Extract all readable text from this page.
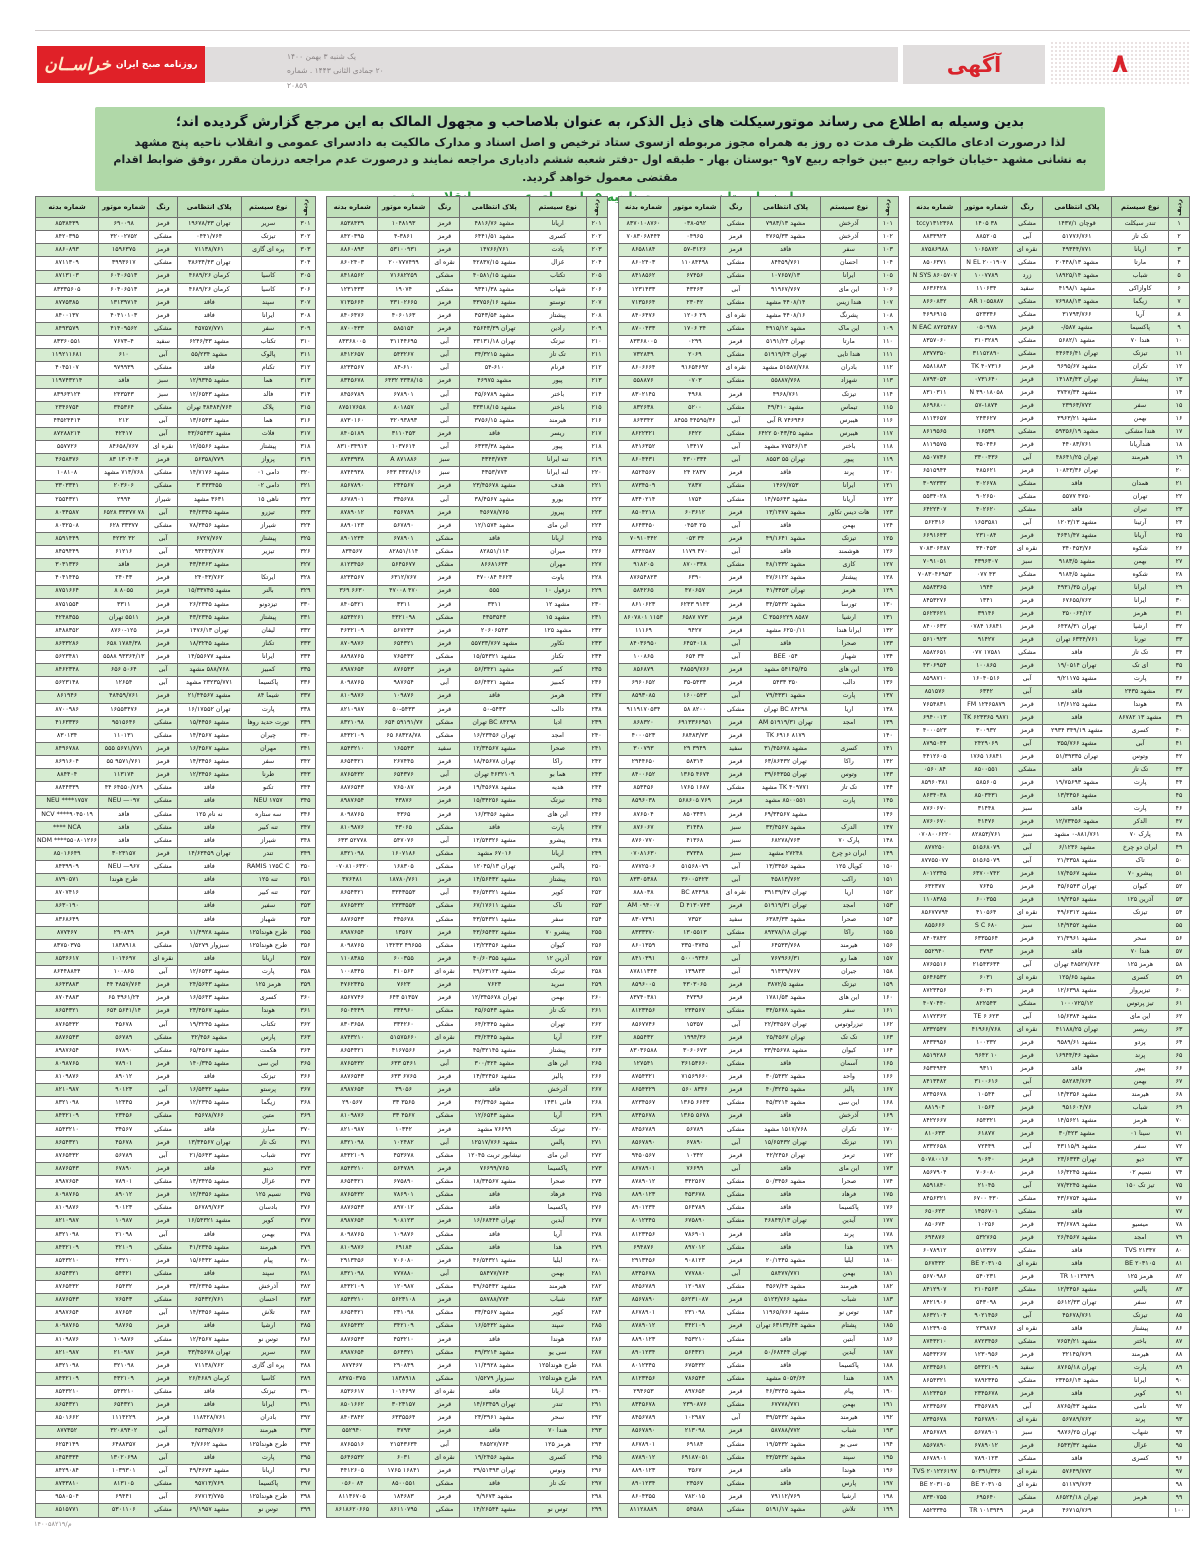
روزنامه صبح ایران
خراســان	یک شنبه ۳ بهمن ۱۴۰۰
۲۰ جمادی الثانی ۱۴۴۳ . شماره ۲۰۸۵۹
آگهی	۸
بدین وسیله به اطلاع می رساند موتورسیکلت های ذیل الذکر، به عنوان بلاصاحب و مجهول المالک به این مرجع گزارش گردیده اند؛
لذا درصورت ادعای مالکیت ظرف مدت ده روز به همراه مجوز مربوطه ازسوی ستاد ترخیص و اصل اسناد و مدارک مالکیت به دادسرای عمومی و انقلاب ناحیه پنج مشهد
به نشانی مشهد -خیابان خواجه ربیع -بین خواجه ربیع ۷و۹ -بوستان بهار - طبقه اول -دفتر شعبه ششم دادیاری مراجعه نمایند و درصورت عدم مراجعه درزمان مقرر ،وفق ضوابط اقدام مقتضی معمول خواهد گردید.
ردیف	نوع سیستم	پلاک انتظامی	رنگ	شماره موتور	شماره بدنه
۱	تندر سیکلت	قوچان ۱۴۳۷/۱	مشکی	۳۸ ۱۴۰۵	tccy۱۳۱۲۳۶۸
۲	تک تاز	۵۱۷۷۶/۷۶۱	آبی	۸۸۵۲۰۵	۸۸۳۳۹۲۴
۳	اریانا	۴۹۳۴۴/۷۷۱	نقره ای	۱۰۶۵۸۷۲	۸۷۵۸۶۹۸۸
۴	مارتا	مشهد ۲۰۴۴۸/۱۳	مشکی	N EL ۲۰۰۱۹۰۷	۸۵۰۶۳۷۱
۵	شباب	مشهد ۱۸۹۲۵/۱۴	زرد	۱۰۰۷۷۸۹	N SYS ۸۶۰۵۷۰۷
۶	کاوازاکی	مشهد ۴۱۹۸/۱	سفید	۱۱۰۶۳۴	۸۶۳۶۴۲۸
۷	زیگما	مشهد ۷۶۹۸۸/۱۳	مشکی	AR ۱۰۵۵۸۸۷	۸۶۶۰۸۳۲
۸	آریا	۳۱۷۹۳/۷۶۶	مشکی	۵۲۳۳۴۶	۴۶۹۶۹۱۵
۹	پاکسیما	مشهد ۵۸۷/-	قرمز	۰۵۰۹۷۸	N EAC ۸۷۲۵۴۸۷
۱۰	هندا ۷۰	مشهد ۵۶۸۲/۱	مشکی	۳۱۰۳۲۸۹	۸۳۵۷۰۶۰
۱۱	تیزتک	تهران ۴۴۶۳۶/۴۱	مشکی	۳۱۱۵۲۸۹۰	۸۳۷۷۳۵۰
۱۲	تکران	مشهد ۹۶۹۵/۶۷	قرمز	TK ۴۰۷۳۱۶	۸۵۸۱۸۸۴
۱۳	پیشتاز	تهران ۱۴۱۸۴/۴۳	قرمز	۰۷۳۱۶۴۰	۸۷۹۳۰۵۴
۱۴		مشهد ۳۷۴۷/۳۴	قرمز	N ۳۹۰۱۸۰۵۸	۸۳۱۰۳۱۱
۱۵	سفر	۲۳۹۶۳/۷۷۲	قرمز	۵۷-۱۸۷۴	۸۶۹۶۸۰۰
۱۶	بهمن	مشهد ۳۹۶۳/۲۱	قرمز	۲۴۳۶۲۷	۸۱۱۳۶۵۷
۱۷	هندا مشکی	مشهد ۵۹۳۵۶/۱۹	مشکی	۱۶۵۳۹	۸۶۱۹۵۶۵
۱۸	هندآریانا	۴۴۰۸۳/۷۶۱	قرمز	۳۵۰۴۴۶	۸۱۱۹۵۷۵
۱۹	هیرمند	تهران ۴۸۶۴۱/۲۵	آبی	۳۳۰۰۳۳۶	۸۵۰۷۷۳۶
۲۰		تهران ۱۰۸۴۳/۳۶	قرمز	۴۸۵۶۲۱	۶۵۱۵۹۴۴
۲۱	همدان	فاقد	مشکی	۳۰۲۶۷۸	۳۰۹۲۳۳۲
۲۲	تهران	۴۷۵۰ ۵۵۷۷	مشکی	۹۰۲۶۵۰	۵۵۳۴۰۲۸
۲۳	تیران	فاقد	مشکی	۴۰۲۶۲۰	۶۴۲۲۴۰۷
۲۴	آرتینا	مشهد ۱۲۰۳/۱۳	آبی	۱۶۵۳۵۸۱	۵۶۲۳۱۶
۲۵	آریانا	مشهد ۴۶۳۱/۴۷	قرمز	۲۳۱۰۸۴	۶۶۹۱۶۴۳
۲۶	شکوه	۳۴۰۴۵۳/۷۶	نقره ای	۳۴۰۴۵۳	۷۰۸۳۰۶۳۸۷
۲۷	بهمن	مشهد ۹۱۸۳/۵	سبز	۴۳۹۶۳۰۷	۷۰۹۱۰۵۱
۲۸	شکوه	مشهد ۹۱۸۴/۵	مشکی	۴۳ ۰۷۷	۷۰۸۳۰۴۶۹۵۳
۲۹	ایرانا	تهران ۴۹۳۱/۳۵	قرمز	۱۹۴۴	۸۵۸۳۳۶۵
۳۰	ایرانا	۶۷۶۵۵/۷۶۲	قرمز	۱۳۴۱	۸۴۵۳۲۷۶
۳۱	هرمز	۳۵۰۰۶۴/۱۲	قرمز	۳۹۱۴۶	۵۶۲۳۶۲۱
۳۲	ارشیا	تهران ۶۴۳۸/۳۱	قرمز	۱۶۸۴۱ ۰۷۸۴	۸۴۰۰۶۳۲
۳۳	تورنا	۶۳۳۴/۷۶۱ تهران	قرمز	۹۱۴۲۷	۵۶۱۰۹۲۳
۳۴	تک تاز	فاقد	مشکی	۱۷۵۸۱ ۰۷۷	۸۵۸۲۶۵۱
۳۵	ای تک	تهران ۱۹/۰۵۱۴	قرمز	۱۰۰۸۶۵	۴۳۰۶۹۵۴
۳۶	پارت	مشهد ۹/۲۱۱۷۵	آبی	۱۶۰۴۰۵۱۶	۸۵۹۸۷۱۰
۳۷	مشهد ۲۴۳۵	فاقد	آبی	۶۳۴۲	۸۵۱۵۷۶
۳۸	هوندا	مشهد ۱۳/۶۱۲۵	قرمز	FM ۱۲۴۶۵۸۷۹	۷۶۵۴۸۳۱
۳۹	مشهد ۱۳ ۸۶۷۸۲	فاقد	قرمز	TK ۶۲۳۳۶۵ ۹۸۷۱	۶۹۴۰۰۱۳
۴۰	کسری	مشهد ۳۴۹/۱۹ ۲۹۳۴	قرمز	۳۰۰۹۳۲	۴۰۰۰۵۲۳
۴۱	آبی	مشهد ۳۵۵/۷۶۶	آبی	۲۴۲۹۰۶۹	۸۷۹۵۰۴۴
۴۲	وتوس	تهران ۵۱/۳۹۳۳۵	قرمز	۱۶۸۴۱ ۱۷۶۵	۴۴۱۲۶۰۵
۴۳	تک تاز	فاقد	مشکی	۸۵۰۰۵۵۱	۸۴ ۰۵۶۰
۴۴	پارت	مشهد ۱۹/۷۵۶۹۳	قرمز	۵۸۵۶۰۵	۸۵۹۶۰۳۸۱
۴۵		مشهد ۱۳/۳۴۵۶	قرمز	۸۵۰۳۴۳۱	۸۶۳۴۰۳۸
۴۶	پارت	فاقد	سبز	۳۱۴۴۸	۸۷۶۰۶۷۰
۴۷	الدکر	مشهد ۱۲/۷۳۴۵۶	قرمز	۴۱۴۷۶	۸۷۶۰۶۷۰
۴۸	پارک ۷۰	۰-۸۸۱/۷۶۱ مشهد	سبز	۸۲۸۵۳/۷۶۱	۰۷۰۸۰۰۶۲۲۰
۴۹	ایران دو چرخ	مشهد ۶/۱۲۳۶	آبی	۵۱۵۶۸۰۷۹	۸۷۷۲۵۰
۵۰	تاک	مشهد ۲۱/۳۳۵۸	آبی	۵۱۵۶۵۰۷۹	۸۷۷۵۵۰۷۷
۵۱	پیشرو ۷۰	مشهد ۱۷/۴۵۶۷	قرمز	۶۳۷۰۰۷۴۲	۸۰۱۲۳۴۵
۵۲	کیوان	تهران ۴۵/۶۵۴۳	قرمز	۷۶۴۵	۶۳۲۳۷۷
۵۳	آذرین ۱۲۵	مشهد ۱۹/۲۴۵۶	قرمز	۶۰۰۳۵۵	۱۱۰۸۳۸۵
۵۴	تیزتک	مشهد ۴۹/۶۳۱۲	نقره ای	۴۱۰۵۶۴	۸۵۶۷۷۷۹۴
۵۵		مشهد ۱۴/۹۴۵۲	سبز	S C ۶۸۰	۸۵۵۶۶۶
۵۶	سحر	مشهد ۲۱/۳۹۶۱	قرمز	۶۳۳۵۵۶۴	۸۴۰۳۸۴۲
۵۷	هندا ۷۰	فاقد	قرمز	۳۷۹۳	۵۵۲۹۴۰
۵۸	هرمز ۱۲۵	۴۸۵۲۷/۷۶۴ تهران	آبی	۲۱۵۴۳۶۳۴	۸۷۶۵۵۱۶
۵۹	کسری	مشهد ۱۲۵/۶۵	نقره ای	۶۰۳۱	۵۶۴۶۵۳۲
۶۰	تیزپرواز	مشهد ۱۲/۶۳۹۸	قرمز	۶۰۳۱	۸۷۲۳۴۵۶
۶۱	تیز پرتوس	۱۰۰۰۷۲۵/۱۲	مشکی	۸۲۲۵۴۳	۴۰۷۰۴۴۰
۶۲	این مای	مشهد ۱۵/۶۳۸۴	آبی	TE ۶ ۶۲۳	۸۱۷۲۳۶۲
۶۳	ریسر	تهران ۴۱۱۸۸/۲۵	نقره ای	۴۱۹۶۶/۷۶۸	۸۳۳۲۵۴۷
۶۴	پردو	مشهد ۹۵۸۹/۶۱	قرمز	۱۰۰۳۳۲	۸۴۳۳۹۵۶
۶۵	پرند	مشهد ۱۶۹۴۴/۴۶	قرمز	۱۰ ۹۶۴۲	۸۵۱۹۲۸۶
۶۶	پیور	فاقد	قرمز	۹۳۱۱	۶۵۳۴۹۴۴
۶۷	بهمن	۵۸۲۸۴/۷۶۴	آبی	۳۱۰۰۶۱۶	۸۴۱۳۴۸۲
۶۸	هیرمند	مشهد ۱۴/۴۳۵۶	آبی	۱۰۵۴۴	۸۳۴۵۶۷۸
۶۹	شباب	۹۵۱۶۰۴/۷۶	قرمز	۱۰۵۶۴	۸۸۱۹۰۴
۷۰	هرمز	مشهد ۱۴/۵۶۲۱	قرمز	۶۵۴۳۲۱	۸۴۲۲۶۶۷
۷۱	سینا ۰۱	مشهد ۳۰/۴۲۳	قرمز	۶۱۸۷۷	۸۱۰۶۳۳
۷۲	سفر	مشهد ۴۳۱۱۵/۹	آبی	۷۲۴۴۹	۸۳۳۲۶۵۸
۷۳	دیو	تهران ۲۳/۶۳۳۴	قرمز	۹۰۶۴۰	۵۰۷۸۰۰۱۶
۷۴	نسیم ۰۲	مشهد ۱۶/۳۲۴۵	قرمز	۷۰۶۰۸۰	۸۵۶۷۹۰۴
۷۵	تیز تک ۱۵۰	مشهد ۷۷/۳۲۴۵	آبی	۲۱۰۴۵	۸۵۹۱۸۴۰
۷۶		مشهد ۴۳/۶۷۵۴	مشکی	۴۳۰ ۶۷۰۰	۸۴۵۶۳۲۱
۷۷		فاقد	مشکی	۱۴۵۶۷۰۱	۶۵۰۶۲۳
۷۸	میسیو	مشهد ۳۴/۶۷۸۹	قرمز	۱۰۲۵۶	۸۵۰۶۷۴
۷۹	امجد	مشهد ۲۶/۴۵۶۷	قرمز	۵۳۲۷۶۵	۶۹۴۸۷۶
۸۰	TVS ۲۱۳۴۷	فاقد	مشکی	۵۱۲۳۶۷	۶۰۷۸۹۱۲
۸۱	BE ۲۰۳۱۰۵	فاقد	نقره ای	BE ۲۰۳۱۰۵	۵۶۷۴۳۲
۸۲	هرمز ۱۲۵	TR ۱۰۱۳۹۴۹	قرمز	۵۴۰۲۳۱	۵۶۷۰۹۸۶
۸۳	پالس	مشهد ۱۲/۳۴۵۶	مشکی	۲۱۰۴۵۶۳	۸۴۱۲۹۰۷
۸۴	سفر	تهران ۵۶۱۲/۳۳	قرمز	۵۴۳۰۹۸	۸۴۲۱۹۰۶
۸۵	تیزتک	۴۵۶۷۸/۷۶۱	آبی	۹۰۲۱۴۵۶	۸۶۳۲۱۰۴
۸۶	پیشتاز	فاقد	نقره ای	۲۳۹۸۷۶	۸۱۲۳۹۰۵
۸۷	باختر	مشهد ۷۶۵۴/۲۱	مشکی	۸۷۲۳۴۵۶	۸۷۴۳۲۱۰
۸۸	هیرمند	۳۲۱۴۵/۷۶۹	قرمز	۱۲۳۰۹۵۶	۸۵۴۳۲۶۷
۸۹	پارت	تهران ۸۷۶۵/۱۸	سفید	۵۴۳۲۱۰۹	۸۲۳۴۵۶۱
۹۰	ایرانا	مشهد ۲۳۴۵۶/۱۴	مشکی	۷۸۹۲۳۴۵	۸۶۵۴۳۲۱
۹۱	کویر	فاقد	قرمز	۲۳۴۵۶۷۸	۸۱۲۳۴۵۶
۹۲	نامی	مشهد ۸۷۶۵/۴۳	آبی	۳۴۵۶۷۸۹	۸۲۳۴۵۶۷
۹۳	پرند	۵۶۷۸۹/۷۶۲	نقره ای	۴۵۶۷۸۹۰	۸۳۴۵۶۷۸
۹۴	شهاب	تهران ۹۸۷۶/۲۵	سبز	۵۶۷۸۹۰۱	۸۴۵۶۷۸۹
۹۵	غزال	مشهد ۶۵۴۳/۳۲	قرمز	۶۷۸۹۰۱۲	۸۵۶۷۸۹۰
۹۶	کسری	فاقد	مشکی	۷۸۹۰۱۲۳	۸۶۷۸۹۰۱
۹۷		۵۷۶۴۹/۷۷۲	نقره ای	۵۰۳۹۱/۳۳۶	TVS ۲۰۱۲۲۶۱۹۷
۹۸		۵۱۱۷۹/۷۶۴	نقره ای	BE ۲۰۳۱۰۵	BE ۲۰۳۱۰۵
۹۹	هرمز	تهران ۸۶۵۲۴/۱۸	مشکی	۶۹۵۶۴۰	۸۳۳۰۷۵۵
۱۰۰		۴۶۷۱۵/۷۶۹	قرمز	TR ۱۰۱۳۹۴۹	۸۵۲۳۳۴۵
ردیف	نوع سیستم	پلاک انتظامی	رنگ	شماره موتور	شماره بدنه
۱۰۱	آذرخش	مشهد ۷۹۸۳/۱۳	مشکی	۰۳۸-۵۹۲	۸۳۷۰۱۰۸۷۶۰
۱۰۲	آذرخش	مشهد ۴۷۶۵/۳۳	قرمز	۰۴۹۶۵	۷۰۸۳۰۶۸۴۴۴
۱۰۳	سفر	فاقد	قرمز	۵۷-۳۱۲۶	۸۶۵۸۱۸۴
۱۰۴	احسان	۸۴۴۵۹/۷۶۱	مشکی	۱۱۰۸۴۴۹۸	۸۶۰۲۴۰۳
۱۰۵	ایرانا	۱۰۷۶۵۷/۱۳	مشکی	۶۷۴۵۶	۸۴۱۸۵۶۲
۱۰۶	این مای	۹۱۹۶۷/۷۶۷	آبی	۴۳۴۶۳	۱۲۳۱۴۳۳
۱۰۷	هندا زیس	۴۴۰۸/۱۴ مشهد	مشکی	۲۳۰۴۲	۷۱۳۵۶۶۴
۱۰۸	پشرنگ	۴۴۰۸/۱۶ مشهد	نقره ای	۲۹ ۱۲۰۶	۸۴۰۶۴۷۶
۱۰۹	این ماک	مشهد ۴۹۱۵/۱۲	مشکی	۳۴ ۱۷۰۶	۸۷۰۰۴۳۳
۱۱۰	مارتا	تهران ۵۱۹۱/۲۴	قرمز	۰۲۹۹	۸۳۳۶۸۰۰۵
۱۱۱	هندا تایی	تهران ۵۱۹۱۹/۲۴	مشکی	۲۰۶۹	۷۳۲۸۳۹
۱۱۲	بادران	۵۱۵۸۷/۷۶۸ مشهد	نقره ای	۹۱۶۵۴۶۹۲	۸۶۰۶۶۶۴
۱۱۳	شهزاد	۵۵۸۸۷/۷۶۸	مشکی	۰۷۰۳	۵۵۸۸۷۶
۱۱۴	تیزتک	۴۹۶۸/۷۶۱	قرمز	۴۹۶۸	۸۳۰۲۱۴۵
۱۱۵	تیماس	مشهد ۴۹/۴۱۰	مشکی	۵۲۰۰	۸۳۲۶۳۸
۱۱۶	هیبرس	R ۷۴۶۹۴۶ آبی	آبی	۴۴۵۹۵/۳۶ ۸۴۵۵	۸۶۳۳۴۲
۱۱۷	هیبرس	مشهد ۵۰۴۳/۴۵ ۶۴۲۲	مشکی	۶۴۲۲	۸۶۲۲۳۲۱
۱۱۸	باختر	۷۷۵۴۶/۱۳ مشهد	آبی	۱۳۴۱۷	۸۴۱۶۳۵۲
۱۱۹	پیور	تهران ۵۵ ۸۵۵۳	آبی	۴۳۰۰۳۳۴	۸۶۰۴۴۳۱
۱۲۰	پرند	فاقد	قرمز	۲۸۳۷ ۲۴	۸۵۲۴۵۶۷
۱۲۱	ایرانا	۱۴۶۷/۷۵۳	مشکی	۲۸۳۷	۸۷۳۴۵۰۹
۱۲۲	آریانا	مشهد ۱۴/۷۵۶۴۳	مشکی	۱۷۵۴	۸۳۴۰۲۱۴
۱۲۳	هات دیس تکاور	مشهد ۱۳/۱۴۷۷	قرمز	۶۰۳۶۱۲	۸۵۰۴۲۱۸
۱۲۴	بهمن	فاقد	آبی	۲۵ ۰۴۵۳	۸۶۴۳۴۵۰
۱۲۵	تیزتک	مشهد ۴۹/۱۶۴۱	قرمز	۳۴ ۰۵۳	۷۰۹۱۰۳۴۲
۱۲۶	هوشمند	فاقد	آبی	۴۷۰ ۱۱۷۹	۸۳۴۲۵۸۷
۱۲۷	کازی	مشهد ۴۸/۱۳۳۲	مشکی	۸۷۰۰۳۳۸	۹۱۸۲۰۵
۱۲۸	پیشتاز	مشهد ۴۷/۶۱۲۲	قرمز	۶۳۹۰	۸۷۶۵۴۸۲۳
۱۲۹	هرمز	تهران ۴۱/۳۴۵۳	قرمز	۴۷۰۶۵۷	۵۸۴۲۶۵
۱۳۰	تورسا	مشهد ۳۴/۵۴۳۲	قرمز	۹۱۴۳ ۶۲۳۳	۸۶۱۰۶۲۳
۱۳۱	ارشیا	C ۳۵۵۶۲۲۹ ۸۵۸۷	قرمز	۷۷۳ ۶۵۸۷	۱۱۵۳ ۸۶۰۷۸۰۱
۱۳۲	ایرانا هندا	۶۲۵۰/۱۱ مشهد	قرمز	۹۴۲۷	۱۱۱۶۹
۱۳۳	صحرا	فاقد	آبی	۶۴۵۴۰۱۸	۸۴۰۳۶۹۵۰
۱۳۴	شهباز	BEE ۰۵۴	آبی	۳۴ ۶۵۴	۱۰۰۸۶۵
۱۳۵	این های	۵۴۱۴۵/۴۵ مشهد	قرمز	۴۸۵۵۹/۷۶۶	۸۵۶۸۷۹
۱۳۶	دالب	۳۵۰ ۵۴۳۳	قرمز	۳۵-۵۴۳۳	۶۹۶۰۶۵۲
۱۳۷	پارت	مشهد ۷۹/۴۳۳۱	آبی	۱۶۰۰۵۴۳	۸۵۹۳۰۸۵
۱۳۸	اریا	BC ۸۴۲۹۸ تهران	مشکی	۸۲۰۰ ۵۸	۹۱۱۹۱۷۰۵۳۴
۱۳۹	امجد	تهران ۵۱۹۱۹/۳۱ AM	قرمز	۶۹۱۳۳۶۶۹۵۱	۸۶۸۳۲۰
۱۴۰		TK ۶۹۱۶ ۸۱۷۹	قرمز	۶۸۴۸۳/۷۳	۴۰۰۰۵۲۳
۱۴۱	کسری	مشهد ۳۱/۴۵۶۷۸	سفید	۳۹۴۹ ۲۹	۳۰۰۷۹۳
۱۴۲	راکا	تهران ۶۳/۸۶۴۳۲	قرمز	۵۸۳۱۴	۲۹۴۴۶۵۰
۱۴۳	وتوس	تهران ۳۹/۶۴۳۵۵	قرمز	۴۶۷۴ ۱۳۶۵	۸۴۰۰۶۵۲
۱۴۴	تک تاز	TK ۴۰۹۷۷۱ مشهد	مشکی	۱۶۸۷ ۱۷۶۵	۸۵۳۴۵۶
۱۴۵	پارت	۸۵۰۰۵۵۱ مشهد	قرمز	۷۶۹ ۵۶۸۶۰۵	۸۵۹۶۰۳۸
۱۴۶		مشهد ۶۹/۳۴۵۶۷	قرمز	۸۵۰۳۴۳۱	۸۷۶۵۰۴
۱۴۷	الدرک	مشهد ۳۳/۴۵۶۷	سبز	۳۱۴۴۸	۸۷۶۰۶۷
۱۴۸	پارک ۷۰	۶۸۲۷۸/۷۶۳	سبز	۴۱۳۶۸	۸۷۶۰۷۷۰
۱۴۹	ایران دو چرخ	۲۷۲۴۸ مشهد	سبز	۳۷۳۴۸	۰۷۰۸۱۶۳۰
۱۵۰	کوپال ۱۲۵	مشهد ۱۳/۳۴۵۶	آبی	۵۱۵۶۸۰۷۹	۸۷۷۲۵۰۶
۱۵۱	راکب	۴۵۸۱۳/۷۶۲	آبی	۳۶۰۰۵۴۲۳	۸۳۳۰۵۳۸۸
۱۵۲	اریا	تهران ۳۹۱۳۹/۴۷	نقره ای	BC ۸۴۴۹۸	۸۸۸۰۳۸
۱۵۳	امجد	تهران ۵۱۹۱۹/۳۱	قرمز	D ۴۱۳۰۷۴۳	AM ۰۹۴۰۰۷
۱۵۴	صحرا	مشهد ۶۳۸۳/۳۳	سفید	۷۳۵۲	۸۳۰۷۳۹۱
۱۵۵	راکا	تهران ۸۹۳۷۸/۱۸	مشکی	۱۳۰۵۵۱۳	۸۳۳۳۳۷۰
۱۵۶	هیرمند	۶۴۵۳۳/۷۶۸	آبی	۳۳۵۰۳۷۴۵	۸۶۰۱۳۵۹
۱۵۷	هما رو	۷۶۷۹۶۶/۳۱	آبی	۵۰۰۰۹۳۴۶	۸۴۱۰۳۹۱
۱۵۸	جیران	۹۱۴۳۹/۷۶۷	آبی	۱۳۹۸۳۳	۸۷۸۱۱۳۴۴
۱۵۹	تیزتک	مشهد ۳۸۷۲/۵	قرمز	۴۳۰۳۰۶۵	۸۵۹۶۰۰۵
۱۶۰	این های	مشهد ۱۷۸۱/۵۳	قرمز	۴۷۳۹۶	۸۳۷۴۰۳۸۱
۱۶۱	سفر	مشهد ۳۴/۵۶۷۸	مشکی	۲۳۴۵۶۷	۸۱۲۳۴۵۶
۱۶۲	تیزرلوتوس	تهران ۲۲/۳۴۵۶۷	آبی	۱۵۳۵۷	۸۵۶۷۷۴۶
۱۶۳	تک تک	تهران ۲۵/۴۵۶۷	قرمز	۱۹۹۴/۳۶	۸۵۵۴۳۲
۱۶۴	کیوان	مشهد ۳۳/۴۵۶۷۸	قرمز	۳۰۶۰۶۷۳	۸۳۰۳۶۵۸۸
۱۶۵	آسمان	فاقد	مشکی	۳۶۱۵۳۶۶۰	۱۲۷۵۴۱
۱۶۶	واحد	مشهد ۳۰/۵۴۳۲	قرمز	۷۱۵۶۹۶۶۰	۸۷۵۴۳۲۱
۱۶۷	پالیز	مشهد ۴۰/۳۲۴۵	قرمز	۸۳۴۶ ۵۶۰	۸۶۵۴۳۲۹
۱۶۸	این سی	مشهد ۴۵/۳۲۱۴	مشکی	۶۶۴۳ ۱۳۶۵	۸۲۳۴۵۶۷
۱۶۹	آذرخش	فاقد	قرمز	۵۶۷۸ ۱۳۶۵	۸۳۴۵۶۷۸
۱۷۰	تکران	۱۵۱۷/۷۶۸ مشهد	مشکی	۵۶۷۸۹	۸۴۵۶۷۸۹
۱۷۱	تیزتک	تهران ۱۵/۶۵۴۳۲	آبی	۶۷۸۹۰	۸۵۶۷۸۹۰
۱۷۲	ترمز	تهران ۴۲/۲۴۵۶	قرمز	۱۰۳۴۲	۹۴۵۰۵۶۷
۱۷۳	این مای	فاقد	آبی	۷۶۶۹۹	۸۶۷۸۹۰۱
۱۷۴	صحرا	مشهد ۵۰/۳۴۵۶	مشکی	۳۴۲۵۶۷	۸۷۸۹۰۱۲
۱۷۵	فرهاد	فاقد	مشکی	۴۵۳۶۷۸	۸۸۹۰۱۲۳
۱۷۶	پاکسیما	فاقد	مشکی	۵۶۴۷۸۹	۸۹۰۱۲۳۴
۱۷۷	آیدین	تهران ۴۶۸۴۴/۱۳	مشکی	۶۷۵۸۹۰	۸۰۱۲۳۴۵
۱۷۸	پرند	فاقد	قرمز	۷۸۶۹۰۱	۸۱۲۳۴۵۶
۱۷۹	هدا	فاقد	مشکی	۸۹۷۰۱۲	۶۹۴۸۷۶
۱۸۰	ایلیا	مشهد ۲۰/۱۳۴۵	قرمز	۹۰۸۱۲۳	۲۹۱۳۴۵۶
۱۸۱	بهمن	۵۸۴۷۷/۷۷۱	آبی	۷۷۷۸۸۰	۸۳۴۵۶۷۸
۱۸۲	هیرمند	مشهد ۳۵۶۷/۲۴	مشکی	۱۲۰۹۸۷	۸۴۵۶۷۸۹
۱۸۳	شباب	مشهد ۵۱۲۳/۷۶۶	قرمز	۵۶۲۳۱۰۸۷	۸۵۶۷۸۹۰
۱۸۴	توس نو	مشهد ۱۱۹۶۵/۷۶۶	مشکی	۲۳۱۰۹۸	۸۶۷۸۹۰۱
۱۸۵	پشتام	مشهد ۶۳۱۳۴/۴۴ تهران	قرمز	۳۴۲۱۰۹	۸۷۸۹۰۱۲
۱۸۶	آبتین	فاقد	مشکی	۴۵۳۲۱۰	۸۸۹۰۱۲۳
۱۸۷	آیدین	تهران ۵۰/۶۸۴۴۴	قرمز	۵۶۴۳۲۱	۸۹۰۱۲۳۴
۱۸۸	پاکسیما	فاقد	مشکی	۶۷۵۴۳۲	۸۰۱۲۳۴۵
۱۸۹	هندا	۵۰۵۴/۶۴ مشهد	مشکی	۷۸۶۵۴۳	۸۱۲۳۴۵۶
۱۹۰	پیام	مشهد ۴۶/۳۲۴۵	قرمز	۸۹۷۶۵۴	۲۹۴۶۵۳
۱۹۱	بهمن	۶۷۷۷۸/۷۷۱	مشکی	۲۳۹۰۸۷۶	۸۳۴۵۶۷۸
۱۹۲	هیرمند	مشهد ۳۹/۵۴۳۲	آبی	۱۰۲۹۸۷	۸۴۵۶۷۸۹
۱۹۳	شباب	۵۸۷۸۸/۷۷۲	قرمز	۲۱۳۰۹۸	۸۵۶۷۸۹۰
۱۹۴	سی یو	مشهد ۱۹/۵۴۳۲	مشکی	۶۹۱۸۴	۸۶۷۸۹۰۱
۱۹۵	سپند	مشهد ۴۳/۵۴۳۲	مشکی	۶۹۱۸۷۰۵۱	۸۷۸۹۰۱۲
۱۹۶	هوندا	فاقد	قرمز	۳۵۶۷	۸۸۹۰۱۲۳
۱۹۷	پارس	فاقد	مشکی	۲۳۵۶۷	۸۹۰۱۲۳۴
۱۹۸	ارشیا	۷۹۱۱۲/۷۶۹	قرمز	۷۸۲۰۱۵	۸۶۰۴۳۵۵
۱۹۹	تلاش	مشهد ۵۱۹۱/۱۷	مشکی	۵۴۵۸۸	۸۱۱۲۸۸۸۹
ردیف	نوع سیستم	پلاک انتظامی	رنگ	شماره موتور	شماره بدنه
۲۰۱	اریانا	مشهد ۴۸۱۶/۷۶	قرمز	۱۰۴۸۱۹۳	۸۵۳۸۴۳۹
۲۰۲	کسری	مشهد ۶۴۴۱/۵۱	قرمز	۴-۳۸۶۱	۸۴۲۰۳۹۵
۲۰۳	پادت	۱۴۷۶۶/۷۶۱	قرمز	۵۳۱۰۰۹۳۱	۸۸۶۰۸۹۳
۲۰۴	غزال	مشهد ۴۲۸۳۷/۱۵	نقره ای	۲۰۰۷۷۷۴۹۹	۸۶۰۲۴۰۳
۲۰۵	تکتاب	مشهد ۴۰۵۸۱/۱۵	مشکی	۷۱۶۸۲۲۵۹	۸۴۱۸۵۶۲
۲۰۶	شهاب	مشهد ۹۳۴۱/۳۸	مشکی	۱۹۰۷۴	۱۲۳۱۴۳۳
۲۰۷	توستو	مشهد ۳۳۷۵۶/۱۶	قرمز	۳۳۱۰۲۶۶۵	۷۱۳۵۶۶۴
۲۰۸	پیشتاز	مشهد ۴۵۴۳/۵۴	قرمز	۴۰۶۰۱۶۳	۸۴۰۶۴۷۶
۲۰۹	رادین	تهران ۴۵۶۴۳/۳۹	قرمز	۵۸۵۱۵۴	۸۷۰۰۴۳۳
۲۱۰	تیزتک	تهران ۳۳۱۳۱/۱۸	آبی	۳۱۱۴۴۶۹۵	۸۳۳۶۸۰۰۵
۲۱۱	تک تاز	مشهد ۳۴/۳۲۱۵	آبی	۵۴۳۲۶۷	۸۴۱۲۶۵۷
۲۱۲	فرنام	۵۴-۶۱۰	آبی	۸۴-۶۱۰	۸۲۳۴۵۶۷
۲۱۳	پیور	مشهد ۴۶۹۷۵	قرمز	۳۳۳۸/۱۵ ۶۴۳۲	۸۳۴۵۶۷۸
۲۱۴	باختر	مشهد ۴۵/۶۷۸۹	آبی	۶۷۸۹۰۱	۸۴۵۶۷۸۹
۲۱۵	باختر	مشهد ۳۳۳۱۸/۱۵	آبی	۸۰۱۸۵۷	۸۷۵۱۷۶۵۸
۲۱۶	هیرمند	مشهد ۳۷۵۶/۱۵	آبی	۳۲۰۹۳۸۹۳	۸۷۳۰۱۶۰
۲۱۷	ریسر	فاقد	قرمز	۳۱۱۰۴۵۳	۸۴۰۵۱۸۹
۲۱۸	پیور	مشهد ۶۳۳۳/۳۸	آبی	۱۰۳۷۶۱۴	۸۳۱۰۳۴۹۱۴
۲۱۹	تنه ایرانا	۴۳۴۳/۷۷۳	سبز	A ۸۷۱۸۸۶	۸۷۴۳۹۳۸
۲۲۰	لنه ایرانا	۴۳۵۳/۷۷۳	سبز	۴۳۲۸/۱۶ ۶۴۳	۸۷۴۴۹۳۸
۲۲۱	هدف	مشهد ۲۳/۴۵۶۷۸	قرمز	۲۳۴۵۶۷	۸۵۶۷۸۹۰
۲۲۲	یورو	مشهد ۳۸/۴۵۶۷	آبی	۳۴۵۶۷۸	۸۶۷۸۹۰۱
۲۲۳	پیروز	۴۵۶۷۸/۷۶۵	قرمز	۴۵۶۷۸۹	۸۷۸۹۰۱۲
۲۲۴	این مای	مشهد ۱۲/۱۵۷۴	قرمز	۵۶۷۸۹۰	۸۸۹۰۱۲۳
۲۲۵	اریانا	فاقد	مشکی	۶۷۸۹۰۱	۸۹۰۱۲۳۴
۲۲۶	میران	۸۲۸۵۱/۱۱۴	مشکی	۸۲۸۵۱/۱۱۴	۸۳۴۵۶۷
۲۲۷	مهران	۸۶۶۸۱۶۳۴	مشکی	۵۶۴۵۶۷۷	۸۱۲۳۴۵۶
۲۲۸	یاوت	۴۶۲۳ ۴۷۰۰۸۴	قرمز	۶۳۱۲/۷۶۷	۸۲۳۴۵۶۷
۲۲۹	دزفول ۱۰	۵۵۵	قرمز	۴۷۰ ۴۷۰۰۸	۶۶۳۰ ۳۶۹
۲۳۰	مشهد ۱۲	۳۳۱۱	قرمز	۳۳۱۱	۸۴۰۵۳۲۱
۲۳۱	مشهد ۱۵	۴۳۵۳۵۴۳	مشکی	۴۳۲۱۰۹۸	۸۵۳۴۲۶۱
۲۳۲	مشهد ۱۲۵	۲۰۶۰۶۵۴۳	قرمز	۵۶۷۲۳۴	۴۶۳۲۱۰۹
۲۳۳	تکاور	مشهد ۵۵۷۳۳/۷۶۷	قرمز	۶۵۴۳۲۱	۸۷۰۹۸۷۶
۲۳۴	تکتاز	مشهد ۱۵/۵۴۳۲۱	مشکی	۷۶۵۴۳۲	۸۸۹۸۷۶۵
۲۳۵	کبیر	مشهد ۵۶/۳۴۲۱	قرمز	۸۷۶۵۴۳	۸۹۸۷۶۵۴
۲۳۶	کمبیز	مشهد ۵۶/۴۳۲۱	آبی	۹۸۷۶۵۴	۸۰۹۸۷۶۵
۲۳۷	هرمز	فاقد	قرمز	۱۰۹۸۷۶	۸۱۰۹۸۷۶
۲۳۸	دالب	۵۰-۵۴۳۳	قرمز	۵۰-۵۴۳۳	۸۲۱۰۹۸۷
۲۳۹	ادیا	BC ۸۴۲۹۸ تهران	مشکی	۵۹۱۹۱/۷۷ ۶۵۴	۸۳۲۱۰۹۸
۲۴۰	امجد	تهران ۱۶/۲۳۴۵۶	مشکی	۶۸۳۲۸/۷۸ ۶۵	۸۴۳۲۱۰۹
۲۴۱	صحرا	مشهد ۱۲/۳۴۵۶۷	سفید	۱۶۵۵۴۳	۸۵۴۳۲۱۰
۲۴۲	راکا	تهران ۱۸/۴۵۶۷۸	قرمز	۲۶۷۴۴۵	۸۶۵۴۳۲۱
۲۴۳	هما بو	۴۶۳۲۱۰۹ تهران	آبی	۶۵۴۳۷۶	۸۷۶۵۴۳۲
۲۴۴	هدیه	مشهد ۱۹/۴۵۶۷۸	قرمز	۷۶۵۰۸۷	۸۸۷۶۵۴۳
۲۴۵	تیزتک	مشهد ۱۵/۳۴۲۵۶	قرمز	۴۳۸۷۶	۸۹۸۷۶۵۴
۲۴۶	این های	مشهد ۱۶/۳۴۵۶	قرمز	۴۳۶۵	۸۰۹۸۷۶۵
۲۴۷	پارت	فاقد	مشکی	۴۳۰۶۵	۸۱۰۹۸۷۶
۲۴۸	پیشرو	مشهد ۱۲/۵۴۳۲۶	آبی	۵۴۷۰۷۶	۵۲۷۷۸ ۶۳۳
۲۴۹	اریانا	۶۷۰۱۶ مشهد	مشکی	۱۶۰۷۱۸۶	۸۳۲۱۰۹۸
۲۵۰	پالس	تهران ۱۲۰۴۵/۱۳	مشکی	۱۶۸۳۰۵	۰۷۰۸۱۰۶۳۲۰
۲۵۱	پیشتاز	مشهد ۱۴/۵۶۴۳۲	قرمز	۱۸۷۸۰/۷۶۱	۳۷۶۴۸۱
۲۵۲	کویر	مشهد ۳۶/۵۴۳۲۱	آبی	۳۳۴۳۵۵۳	۸۶۵۴۳۲۱
۲۵۳	ناک	مشهد ۶۷/۱۷۶۱۱	مشکی	۲۳۳۳۵۵۳	۸۷۶۵۴۳۲
۲۵۴	سفر	مشهد ۴۳/۵۴۳۲۱	مشکی	۴۴۵۶۷۸	۸۸۷۶۵۴۳
۲۵۵	پیشرو ۷۰	مشهد ۴۳/۶۵۴۳۲	قرمز	۱۳۵۶۷	۸۹۸۷۶۵۴
۲۵۶	کیوان	مشهد ۱۳/۲۳۴۵۶	مشکی	۴۹۶۵۵ ۱۳۲۳۳	۸۰۹۸۷۶۵
۲۵۷	آذرین ۱۲	مشهد ۴۰/۶۰۳۵۵	قرمز	۶۰۰۳۵۵	۱۱۰۸۳۸۵
۲۵۸	تیزتک	مشهد ۴۹/۶۳۱۲۴	نقره ای	۴۱۰۵۶۴	۱۰۰۸۳۴۵
۲۵۹	سرید	۷۶۲۳	قرمز	۷۶۲۳	۴۷۶۲۳۴۵
۲۶۰	بهمن	تهران ۱۲/۳۴۵۶۷۸	قرمز	۵۱۳۵۷ ۶۴۳	۸۵۶۷۷۴۶
۲۶۱	تک تاز	مشهد ۴۵/۶۵۴۳	مشکی	۳۳۴۹۶۰	۶۵۰۴۴۴۹
۲۶۲	تهران	مشهد ۶۴/۲۳۴۵	مشکی	۳۳۴۲۶۰	۸۳۰۳۶۵۸
۲۶۳	آریا	مشهد ۳۴/۲۳۴۵	نقره ای	۵۱۵۷۵۶۶۰	۸۷۴۳۲۱۰
۲۶۴	پیشتاز	مشهد ۴۵/۳۲۱۴۵	قرمز	۴۱۶۷۵۶۶	۸۶۵۴۳۲۱
۲۶۵	این های	مشهد ۳۰۰/۳۲۴	آبی	۵۴۶۱ ۶۳۳	۸۷۶۵۴۳۲
۲۶۶	پالیز	مشهد ۱۴/۳۲۴۵۶	قرمز	۶۷۶۵ ۶۳۳	۸۸۷۶۵۴۳
۲۶۷	آذرخش	فاقد	قرمز	۳۹۰۵۶	۸۹۸۷۶۵۴
۲۶۸	فانی ۱۴۳۱	مشهد ۴۲/۳۴۵۶	قرمز	۳۵۶۵ ۳۳	۲۹۰۵۶۷
۲۶۹	آریا	مشهد ۱۲/۶۵۴۳	مشکی	۴۵۶۷ ۳۳	۸۱۰۹۸۷۶
۲۷۰	تیزتک	۷۶۶۹۹ مشهد	قرمز	۱۰۳۴۲	۸۲۱۰۹۸۷
۲۷۱	پالس	مشهد ۱۲۵۱۷/۷۶۶	آبی	۱۰۲۴۸۲	۸۳۲۱۰۹۸
۲۷۲	این مای	نیشابور تربت ۱۲۰۴۵	مشکی	۴۵۳۶۷۸	۸۴۳۲۱۰۹
۲۷۳	پاکسیما	۷۶۶۹۹/۷۶۵	قرمز	۵۶۴۷۸۹	۸۵۴۳۲۱۰
۲۷۴	صحرا	مشهد ۱۸/۳۴۵۶۷	مشکی	۶۷۵۸۹۰	۸۶۵۴۳۲۱
۲۷۵	فرهاد	فاقد	مشکی	۷۸۶۹۰۱	۸۷۶۵۴۳۲
۲۷۶	پاکسیما	فاقد	مشکی	۸۹۷۰۱۲	۸۸۷۶۵۴۳
۲۷۷	آیدین	تهران ۱۶/۶۸۴۴۴	قرمز	۹۰۸۱۲۳	۸۹۸۷۶۵۴
۲۷۸	آریا	فاقد	مشکی	۱۰۹۸۷۶	۸۰۹۸۷۶۵
۲۷۹	هدا	فاقد	مشکی	۶۹۱۸۴	۸۱۰۹۸۷۶
۲۸۰	ایلیا	مشهد ۴۶/۵۴۳۲۱	قرمز	۷۰۶۰۸۰	۲۹۱۳۴۵۶
۲۸۱	بهمن	۵۸۴۷۷/۷۶۴	آبی	۷۷۷۸۸۰	۸۳۲۱۰۹۸
۲۸۲	هیرمند	مشهد ۳۹/۶۵۴۳۲	مشکی	۱۲۰۹۸۷	۸۴۳۲۱۰۹
۲۸۳	شباب	۵۸۷۸۸/۷۷۴	قرمز	۵۶۲۳۱۰۸	۸۵۴۳۲۱۰
۲۸۴	کویر	مشهد ۳۳/۴۵۶۷	مشکی	۲۳۱۰۹۸	۸۶۵۴۳۲۱
۲۸۵	سپند	مشهد ۱۶/۵۴۳۲	مشکی	۳۴۲۱۰۹	۸۷۶۵۴۳۲
۲۸۶	هوندا	فاقد	قرمز	۴۵۳۲۱۰	۸۸۷۶۵۴۳
۲۸۷	سی یو	مشهد ۴۹/۳۲۱۴	مشکی	۵۶۴۳۲۱	۸۹۸۷۶۵۴
۲۸۸	طرح هوندا۱۲۵	مشهد ۱۱/۴۹۲۸	قرمز	۲۹۰۸۴۹	۸۷۷۴۶۷
۲۸۹	طرح هوندا۱۲۵	سبزوار ۱/۵۲۷۹	مشکی	۱۸۳۸۹۱۸	۸۳۷۵۰۳۷۵
۲۹۰	اریانا	فاقد	نقره ای	۱۰۱۴۶۹۷	۸۵۳۶۶۱۷
۲۹۱	تندر	تهران ۱۴/۶۳۴۵۹	قرمز	۳۰۲۳۱۵۷	۸۵۰۱۶۶۲
۲۹۲	سحر	مشهد ۲۳/۳۹۶۱	قرمز	۶۳۳۵۵۶۴	۸۴۰۳۸۴۲
۲۹۳	هندا ۷۰	فاقد	قرمز	۳۷۹۳	۵۵۲۹۴۰
۲۹۴	هرمز ۱۲۵	۴۸۵۲۷/۷۶۴	آبی	۲۱۵۴۳۶۳۴	۸۷۶۵۵۱۶
۲۹۵	کسری	مشهد ۱۹/۲۴۵۶	نقره ای	۶۰۳۱	۵۶۴۶۵۳۲
۲۹۶	ونوس	تهران ۳۹/۵۱۳۹۳	قرمز	۱۶۸۴۱ ۱۷۶۵	۴۴۱۲۶۰۵
۲۹۷	تک تاز	فاقد	مشکی	۸۵۰۰۵۵۱	۸۴ ۰۵۶۰
۲۹۸		مشهد ۹/۹۶۷۳	قرمز	۱۸۴۶۸۳	۸۱۱۳۶۷۰۵
۲۹۹	توس نو	مشهد ۱۴/۲۶۵۴۴	مشکی	۸۶۱۱۰۷۹۵	۸۶۱۸۶۲۰۶۶۵
ردیف	نوع سیستم	پلاک انتظامی	رنگ	شماره موتور	شماره بدنه
۳۰۱	سریر	تهران ۱۹۶۷۸/۳۳	قرمز	۶۹۰۰۹۸	۸۵۳۸۴۳۹
۳۰۲	تیزتک	۰۴۴۱/۷۶۴	مشکی	۳۲۰۰۲۷۵۲	۸۴۲۰۳۹۵
۳۰۳	پره ای گازی	۷۱۱۳۸/۷۶۱	قرمز	۱۵۹۶۳۷۵	۸۸۶۰۸۹۳
۳۰۴		تهران ۳۸۶۳۴/۴۳	مشکی	۳۹۹۳۶۱۷	۸۷۱۱۳۰۹
۳۰۵	کاسیا	کرمان ۴۶۸۹/۲۶	قرمز	۶۰۴۰۶۵۱۳	۸۷۱۳۱۰۳
۳۰۶	کاسیا	کرمان ۴۶۸۹/۲۶	قرمز	۶۰۴۰۶۵۱۳	۸۳۳۳۵۶۰۵
۳۰۷	سپند	فاقد	قرمز	۱۳۱۳۹۷۱۴	۸۷۷۵۳۸۵
۳۰۸	ایرانا	فاقد	قرمز	۴۰۴۱۰۱۰۳	۸۴۰۰۱۳۷
۳۰۹	سفر	۴۵۷۵۷/۷۷۱	مشکی	۴۱۴۰۹۵۶۲	۸۴۹۳۵۷۹
۳۱۰	تکتاب	مشهد ۶۲۴۶/۳۳	سفید	۴–۷۶۷۳	۸۳۳۶۰۵۵۱
۳۱۱	پالوک	مشهد ۵۵/۲۳۴	آبی	۶۱۰	۱۱۹۲۱۱۶۸۱
۳۱۲	تکنام	فاقد	مشکی	۹۷۹۹۳۹	۴۰۴۵۱۰۷
۳۱۳	هما	مشهد ۱۲/۹۳۴۵	سبز	فاقد	۱۱۹۷۴۳۲۱۴
۳۱۴	فالد	مشهد ۱۲/۶۵۴۳	سبز	۲۴۳۵۴۳	۸۳۹۶۳۱۲۴
۳۱۵	پلاک	۳۸۴۸۴/۷۶۴ تهران	مشکی	۳۴۵۳۶۴	۲۳۴۶۷۵۴
۳۱۶	هما	مشهد ۱۳/۶۵۴۳	آبی	۲۱۲	۴۳۵۲۴۴۱۴
۳۱۷	فلات	مشهد ۴۳/۶۵۴۳۲	آبی	۴۲۴۱۷	۸۷۲۸۸۲۱۴
۳۱۸	پیشتاز	مشهد ۱۲/۵۵۶۶	نقره ای	۸۴۶۵۸/۷۶۷	۵۵۷۷۲۶
۳۱۹	پرواز	۵۶۳۵۸/۷۷۹	قرمز	۱۳۰۴۰۳ ۸۳	۴۶۵۸۳۷۶
۳۲۰	دامی ۰۱	مشهد ۱۴/۷۱۷۶	مشکی	۷۱۳/۷۶۸ مشهد	۱۰۸۱۰۸
۳۲۱	دامی ۰۲	۳۳۳۴۵۵ ۳	مشکی	۲۰۳۶۰۶	۳۳۰۳۳۴۱
۳۲۲	ناهی ۱۵	۳۶۳۱ مشهد	شیراز	۲۹۹۴	۲۵۵۴۳۲۱
۳۲۳	تیزرو	مشهد ۴۴/۲۳۴۵	آبی	۷۸ ۳۳۳۷۷ ۶۵۲۸	۸۰۳۴۵۸۷
۳۲۴	شیراز	مشهد ۷۸/۳۴۵۶	مشکی	۳۳۳۷۷ ۶۲۸	۸۰۳۲۵۰۸
۳۲۵	پیشتاز	۶۷۲۷/۷۶۷	آبی	۳۲ ۴۲۳۲	۸۵۹۱۴۴۹
۳۲۶	تیزیر	۹۳۲۴۳/۷۶۷	آبی	۶۱۲۱۶	۸۴۵۹۴۴۹
۳۲۷		مشهد ۴۳/۴۳۶۳	قرمز	فاقد	۳۰۳۱۳۳۶
۳۲۸	ایرتکا	۲۴۰۴۳/۷۶۲	قرمز	۲۴۰۴۳	۴۰۴۱۴۴۵
۳۲۹	بالنر	مشهد ۱۵/۳۳۷۴۵	قرمز	۸۰۵۵ ۸	۸۷۵۱۶۶۴
۳۳۰	تیزدونو	مشهد ۲۶/۲۳۴۵	قرمز	۳۳۱۱	۸۷۵۱۵۵۴
۳۳۱	پیشتاز	مشهد ۴۳/۲۳۴۵	قرمز	۵۵۱۱ تهران	۴۲۴۸۳۵۵
۳۳۲	لیفان	تهران ۱۴۷۶/۱۳	قرمز	۸۷۶۰-۱۲۵	۸۴۸۸۳۵۲
۳۳۳	تکناز	مشهد ۱۸/۳۲۴۵	قرمز	۱۷۸۴/۳۸ ۶۵۸	۸۶۳۳۲۸۶
۳۳۴	ایرانا	مشهد ۱۴/۵۵۶۷۷	قرمز	۹۳۳۶۴/۱۳ ۵۵۸۸	۵۶۲۳۴۸۱
۳۳۵	کمبیز	۵۸۸/۷۶۸ مشهد	آبی	۵۰۶۴ ۶۵۶	۸۴۶۲۳۴۸
۳۳۶	پاکسیما	۲۳۲۳۵/۷۷۱ مشهد	آبی	۱۲۶۵۴	۵۶۲۳۱۴۸
۳۳۷	شیما ۸۴	مشهد ۲۱/۴۴۵۶۷	قرمز	۴۸۴۵۹/۷۶۱	۸۶۱۹۴۶
۳۳۸	پارت	تهران ۱۶/۱۷۵۵۲	قرمز	۱۶۵۵۳۴۷۶	۸۷۰۰۹۸۶
۳۳۹	تورت حدید روها	مشهد ۱۵/۴۴۵۶	مشکی	۹۵۱۵۶۴۶	۴۱۶۳۳۳۶
۳۴۰	چیران	مشهد ۱۴/۴۵۶۷	مشکی	۱۱۰۱۳۱	۸۳۰۱۳۴
۳۴۱	مهران	مشهد ۱۶/۴۵۶۷	قرمز	۵۶۷۱/۷۷۱ ۵۵۵	۸۴۹۶۷۸۸
۳۴۲	سفر	مشهد ۱۴/۳۴۵۶	قرمز	۹۵۷۱/۷۶۱ ۵۵	۸۶۹۱۶۰۴
۳۴۳	طرنا	مشهد ۱۲/۳۴۵۶	قرمز	۱۱۳۱۷۴	۸۸۴۴۰۴
۳۴۴	تکنو	فاقد	مشکی	۶۴۵۵۰/۷۶۹ ۴۴	۸۸۴۴۳۳۹
۳۴۵	NEU ۱۷۵۷	فاقد	مشکی	NEU —۰۹۷	NEU ****۱۷۵۷
۳۴۶	سه ستاره	نه نام ۱۲۵	مشکی	فاقد	NCV ****۹۰۴۵۰۱۹
۳۴۷	تنه کبیر	فاقد	مشکی	فاقد	NCA ****
۳۴۸	شیراز	فاقد	مشکی	فاقد	NDM ****۵۵۰۸۰۱۲۶۶
۳۴۹	تندر	تهران ۱۴/۶۳۴۵۹	قرمز	۳۰۲۳۱۵۷	۸۵۰۱۶۶۴۹
۳۵۰	RAMIS ۱۷۵C C	فاقد	مشکی	NEU —۹۶۷	۸۴۳۹۹۰۹
۳۵۱	تنه ۱۲۵	فاقد		طرح هوندا	۸۷۹۰۵۷۱
۳۵۲	تنه کبیر	فاقد			۸۷۰۷۴۱۶
۳۵۳	سفیر	فاقد			۸۶۳۰۱۹۰
۳۵۴	شهباز	فاقد			۸۳۶۸۶۴۹
۳۵۵	طرح هوندا۱۲۵	مشهد ۱۱/۴۹۲۸	قرمز	۲۹۰۸۴۹	۸۷۷۴۶۷
۳۵۶	طرح هوندا۱۲۵	سبزوار ۱/۵۲۷۹	مشکی	۱۸۳۸۹۱۸	۸۳۷۵۰۳۷۵
۳۵۷	اریانا	فاقد	نقره ای	۱۰۱۴۶۹۷	۸۵۳۶۶۱۷
۳۵۸	پارت	مشهد ۱۲/۶۵۴۳	آبی	۱۰۰۸۶۵	۸۶۴۴۸۸۴۴
۳۵۹	هرمز ۱۲۵	مشهد ۲۴/۵۶۴۳	قرمز	۴۸۵۷/۷۶۴ ۴۴	۸۶۴۳۸۸۳
۳۶۰	کسری	مشهد ۱۶/۵۶۴۳	قرمز	۳۹۶۱/۲۴ ۶۵	۸۷۰۴۸۸۳
۳۶۱	هوندا	مشهد ۲۳/۴۵۶۷	قرمز	۵۶۴۱/۱۴ ۶۵۴	۸۶۵۴۳۲۱
۳۶۲	تکتاب	مشهد ۱۹/۳۲۴۵	آبی	۴۵۶۷۸	۸۷۶۵۴۳۲
۳۶۳	پارس	مشهد ۳۲/۴۵۶	مشکی	۵۶۷۸۹	۸۸۷۶۵۴۳
۳۶۴	هکمت	مشهد ۶۵/۴۵۶۷	مشکی	۶۷۸۹۰	۸۹۸۷۶۵۴
۳۶۵	این سی	مشهد ۱۴۰/۳۴۵	قرمز	۷۸۹۰۱	۸۰۹۸۷۶۵
۳۶۶	تیزتک	فاقد	قرمز	۸۹۰۱۲	۸۱۰۹۸۷۶
۳۶۷	پرستو	مشهد ۱۶/۵۴۳۲	آبی	۹۰۱۲۳	۸۲۱۰۹۸۷
۳۶۸	زیگما	مشهد ۱۲/۲۳۴۵	قرمز	۱۲۳۴۵	۸۳۲۱۰۹۸
۳۶۹	متین	۴۵۶۷۸/۷۶۶	مشکی	۲۳۴۵۶	۸۴۳۲۱۰۹
۳۷۰	مبارز	فاقد	مشکی	۳۴۵۶۷	۸۵۴۳۲۱۰
۳۷۱	تک تاز	تهران ۱۳/۳۴۵۶۷	قرمز	۴۵۶۷۸	۸۶۵۴۳۲۱
۳۷۲	شباب	مشهد ۲۱/۵۶۴۳	آبی	۵۶۷۸۹	۸۷۶۵۴۳۲
۳۷۳	دینو	فاقد	قرمز	۶۷۸۹۰	۸۸۷۶۵۴۳
۳۷۴	غزال	مشهد ۱۳/۳۴۲۵	مشکی	۷۸۹۰۱	۸۹۸۷۶۵۴
۳۷۵	نسیم ۱۲۵	مشهد ۱۲/۴۳۵۶	قرمز	۸۹۰۱۲	۸۰۹۸۷۶۵
۳۷۶	بادسان	۵۶۷۸۹/۷۶۳	مشکی	۹۰۱۲۳	۸۱۰۹۸۷۶
۳۷۷	کویر	مشهد ۱۶/۵۴۳۲۱	قرمز	۱۰۹۸۷	۸۲۱۰۹۸۷
۳۷۸	بهمن	فاقد	آبی	۲۱۰۹۸	۸۳۲۱۰۹۸
۳۷۹	هیرمند	مشهد ۴۱/۲۳۴۵	مشکی	۳۲۱۰۹	۸۴۳۲۱۰۹
۳۸۰	پیام	مشهد ۱۵/۶۴۳۲	قرمز	۴۳۲۱۰	۸۵۴۳۲۱۰
۳۸۱	سپند	فاقد	مشکی	۵۴۳۲۱	۸۶۵۴۳۲۱
۳۸۲	آذرخش	مشهد ۳۳/۲۳۴۵	قرمز	۶۵۴۳۲	۸۷۶۵۴۳۲
۳۸۳	احسان	۶۵۴۳۲/۷۶۱	مشکی	۷۶۵۴۳	۸۸۷۶۵۴۳
۳۸۴	تلاش	مشهد ۱۴/۳۴۵۶	آبی	۸۷۶۵۴	۸۹۸۷۶۵۴
۳۸۵	ارشیا	فاقد	قرمز	۹۸۷۶۵	۸۰۹۸۷۶۵
۳۸۶	توس نو	مشهد ۱۲/۴۵۶۷	مشکی	۱۰۹۸۷۶	۸۱۰۹۸۷۶
۳۸۷	سریر	تهران ۳۳/۴۵۶۷۸	قرمز	۲۱۰۹۸۷	۸۲۱۰۹۸۷
۳۸۸	پره ای گازی	۷۱۱۳۸/۷۶۲	قرمز	۳۲۱۰۹۸	۸۳۲۱۰۹۸
۳۸۹	کاسیا	کرمان ۲۶/۴۶۸۹	قرمز	۴۳۲۱۰۹	۸۴۳۲۱۰۹
۳۹۰	تیزتک	فاقد	مشکی	۵۴۳۲۱۰	۸۵۴۳۲۱۰
۳۹۱	ایرانا	فاقد	قرمز	۶۵۴۳۲۱	۸۶۵۴۳۲۱
۳۹۲	بادران	۱۱۸۴۲۸/۷۶۱	قرمز	۱۱۱۴۲۲۹	۸۵۰۱۶۶۲
۳۹۳	هیرمند	۴۵۳۴۵/۷۶۶	آبی	۳۲۰۸۹۴۰۲	۸۷۷۳۵۲
۳۹۴	طرح هوندا۱۲۵	مشهد ۴/۷۶۶۲	قرمز	۶۴۸۸۳۵۷	۶۲۵۴۱۴۹
۳۹۵	پارت	فاقد	آبی	۱۳۰۲۰۶۹۸	۸۴۵۴۳۳۴
۳۹۶	اریانا	مشهد ۴۹/۴۶۷۴	آبی	۱۰۳۹۳۰۱	۸۴۲۹۰۸۴
۳۹۷	پاکسیما	۹۵۷۱۳/۷۶۹	مشکی	۸۱۳۱۰۵	۸۷۳۳۸۱۰
۳۹۸	طرح هوندا۱۲۵	۶۷۷۱۳/۷۷۵	آبی	۶۹۴۴۱	۹۵۸۰۵۰۴
۳۹۹	توس نو	مشهد ۶۹/۱۹۵۷	مشکی	۵۳۰۱۱۰۶	۸۵۱۵۷۷۱
۱۴۰۰۵۸۲۱۹/م
